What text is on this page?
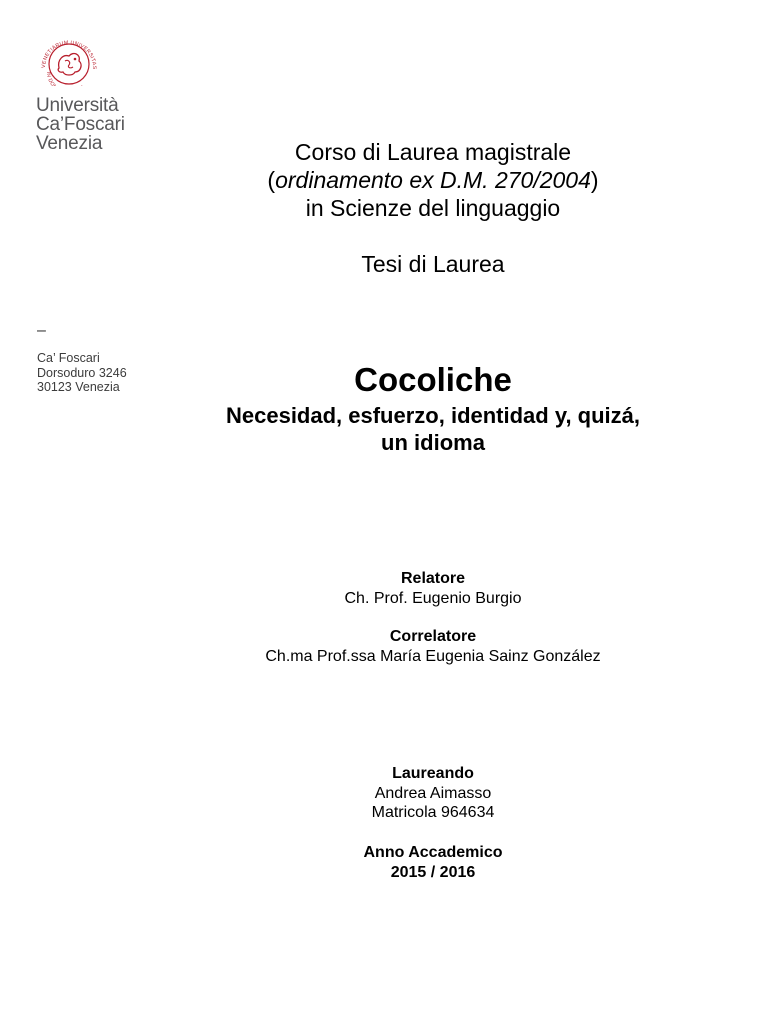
VENETIARUM UNIVERSITAS
IN DO
Università
Ca’Foscari
Venezia
–
Ca’ Foscari
Dorsoduro 3246
30123 Venezia
Corso di Laurea magistrale
(ordinamento ex D.M. 270/2004)
in Scienze del linguaggio
Tesi di Laurea
Cocoliche
Necesidad, esfuerzo, identidad y, quizá,
un idioma
Relatore
Ch. Prof. Eugenio Burgio
Correlatore
Ch.ma Prof.ssa María Eugenia Sainz González
Laureando
Andrea Aimasso
Matricola 964634
Anno Accademico
2015 / 2016
